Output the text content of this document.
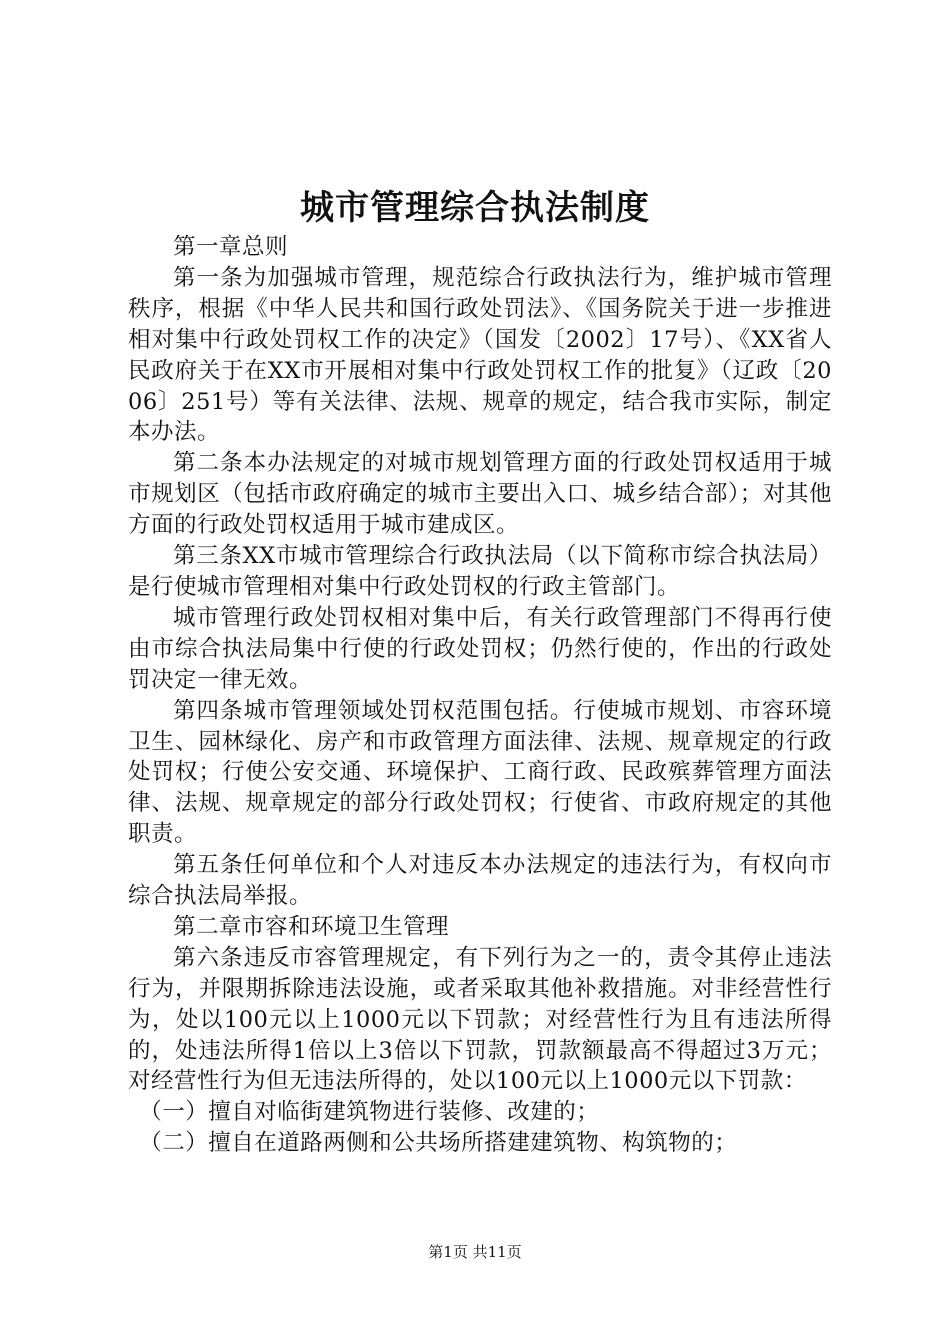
城市管理综合执法制度

第一章总则

第一条为加强城市管理，规范综合行政执法行为，维护城市管理秩序，根据《中华人民共和国行政处罚法》、《国务院关于进一步推进相对集中行政处罚权工作的决定》（国发〔2002〕17号）、《XX省人民政府关于在XX市开展相对集中行政处罚权工作的批复》（辽政〔2006〕251号）等有关法律、法规、规章的规定，结合我市实际，制定本办法。

第二条本办法规定的对城市规划管理方面的行政处罚权适用于城市规划区（包括市政府确定的城市主要出入口、城乡结合部）；对其他方面的行政处罚权适用于城市建成区。

第三条XX市城市管理综合行政执法局（以下简称市综合执法局）是行使城市管理相对集中行政处罚权的行政主管部门。

城市管理行政处罚权相对集中后，有关行政管理部门不得再行使由市综合执法局集中行使的行政处罚权；仍然行使的，作出的行政处罚决定一律无效。

第四条城市管理领域处罚权范围包括。行使城市规划、市容环境卫生、园林绿化、房产和市政管理方面法律、法规、规章规定的行政处罚权；行使公安交通、环境保护、工商行政、民政殡葬管理方面法律、法规、规章规定的部分行政处罚权；行使省、市政府规定的其他职责。

第五条任何单位和个人对违反本办法规定的违法行为，有权向市综合执法局举报。

第二章市容和环境卫生管理

第六条违反市容管理规定，有下列行为之一的，责令其停止违法行为，并限期拆除违法设施，或者采取其他补救措施。对非经营性行为，处以100元以上1000元以下罚款；对经营性行为且有违法所得的，处违法所得1倍以上3倍以下罚款，罚款额最高不得超过3万元；对经营性行为但无违法所得的，处以100元以上1000元以下罚款：

（一）擅自对临街建筑物进行装修、改建的；

（二）擅自在道路两侧和公共场所搭建建筑物、构筑物的；

第1页 共11页
